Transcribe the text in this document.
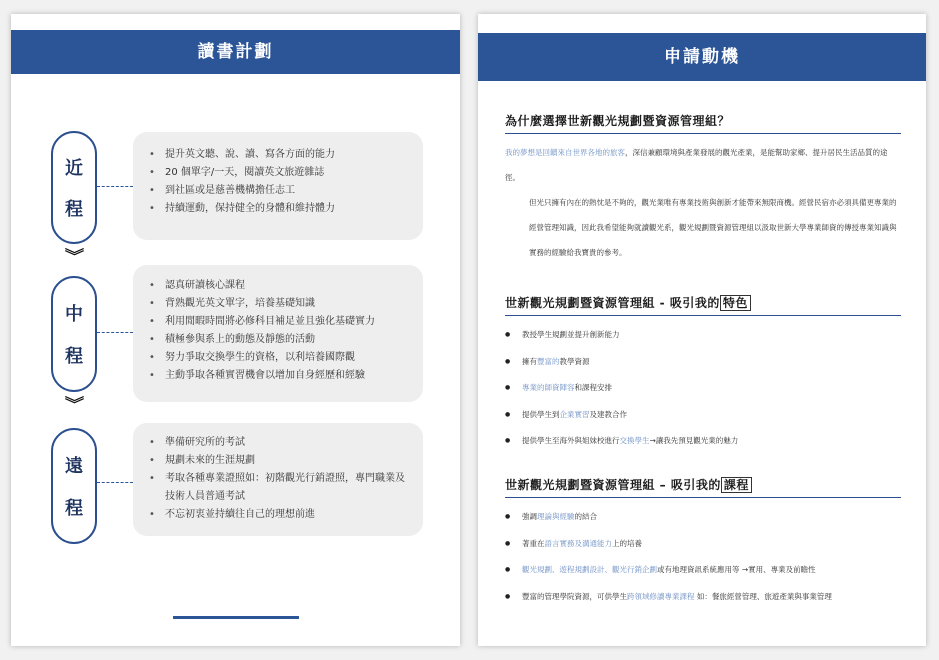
讀書計劃
近
程
• 提升英文聽、說、讀、寫各方面的能力
• 20 個單字/一天，閱讀英文旅遊雜誌
• 到社區或是慈善機構擔任志工
• 持續運動，保持健全的身體和維持體力
︾
中
程
• 認真研讀核心課程
• 背熟觀光英文單字，培養基礎知識
• 利用閒暇時間將必修科目補足並且強化基礎實力
• 積極參與系上的動態及靜態的活動
• 努力爭取交換學生的資格，以利培養國際觀
• 主動爭取各種實習機會以增加自身經歷和經驗
︾
遠
程
• 準備研究所的考試
• 規劃未來的生涯規劃
• 考取各種專業證照如：初階觀光行銷證照，專門職業及技術人員普通考試
• 不忘初衷並持續往自己的理想前進
申請動機
為什麼選擇世新觀光規劃暨資源管理組？
我的夢想是回饋來自世界各地的旅客，深信兼顧環境與產業發展的觀光產業，是能幫助家鄉、提升居民生活品質的途徑。
但光只擁有內在的熱忱是不夠的，觀光業唯有專業技術與創新才能帶來無限商機。經營民宿亦必須具備更專業的經營管理知識，因此我希望能夠就讀觀光系，觀光規劃暨資源管理組以汲取世新大學專業師資的傳授專業知識與實務的經驗給我寶貴的參考。
世新觀光規劃暨資源管理組 - 吸引我的 特色
● 教授學生規劃並提升創新能力
● 擁有豐富的教學資源
● 專業的師資陣容和課程安排
● 提供學生到企業實習及建教合作
● 提供學生至海外與姐妹校進行交換學生→讓我先預見觀光業的魅力
世新觀光規劃暨資源管理組 – 吸引我的 課程
● 強調理論與經驗的結合
● 著重在語言實務及溝通能力上的培養
● 觀光規劃、遊程規劃設計、觀光行銷企劃或有地理資訊系統應用等 →實用、專業及前瞻性
● 豐富的管理學院資源，可供學生跨領域修讀專業課程 如：餐旅經營管理、旅遊產業與事業管理
